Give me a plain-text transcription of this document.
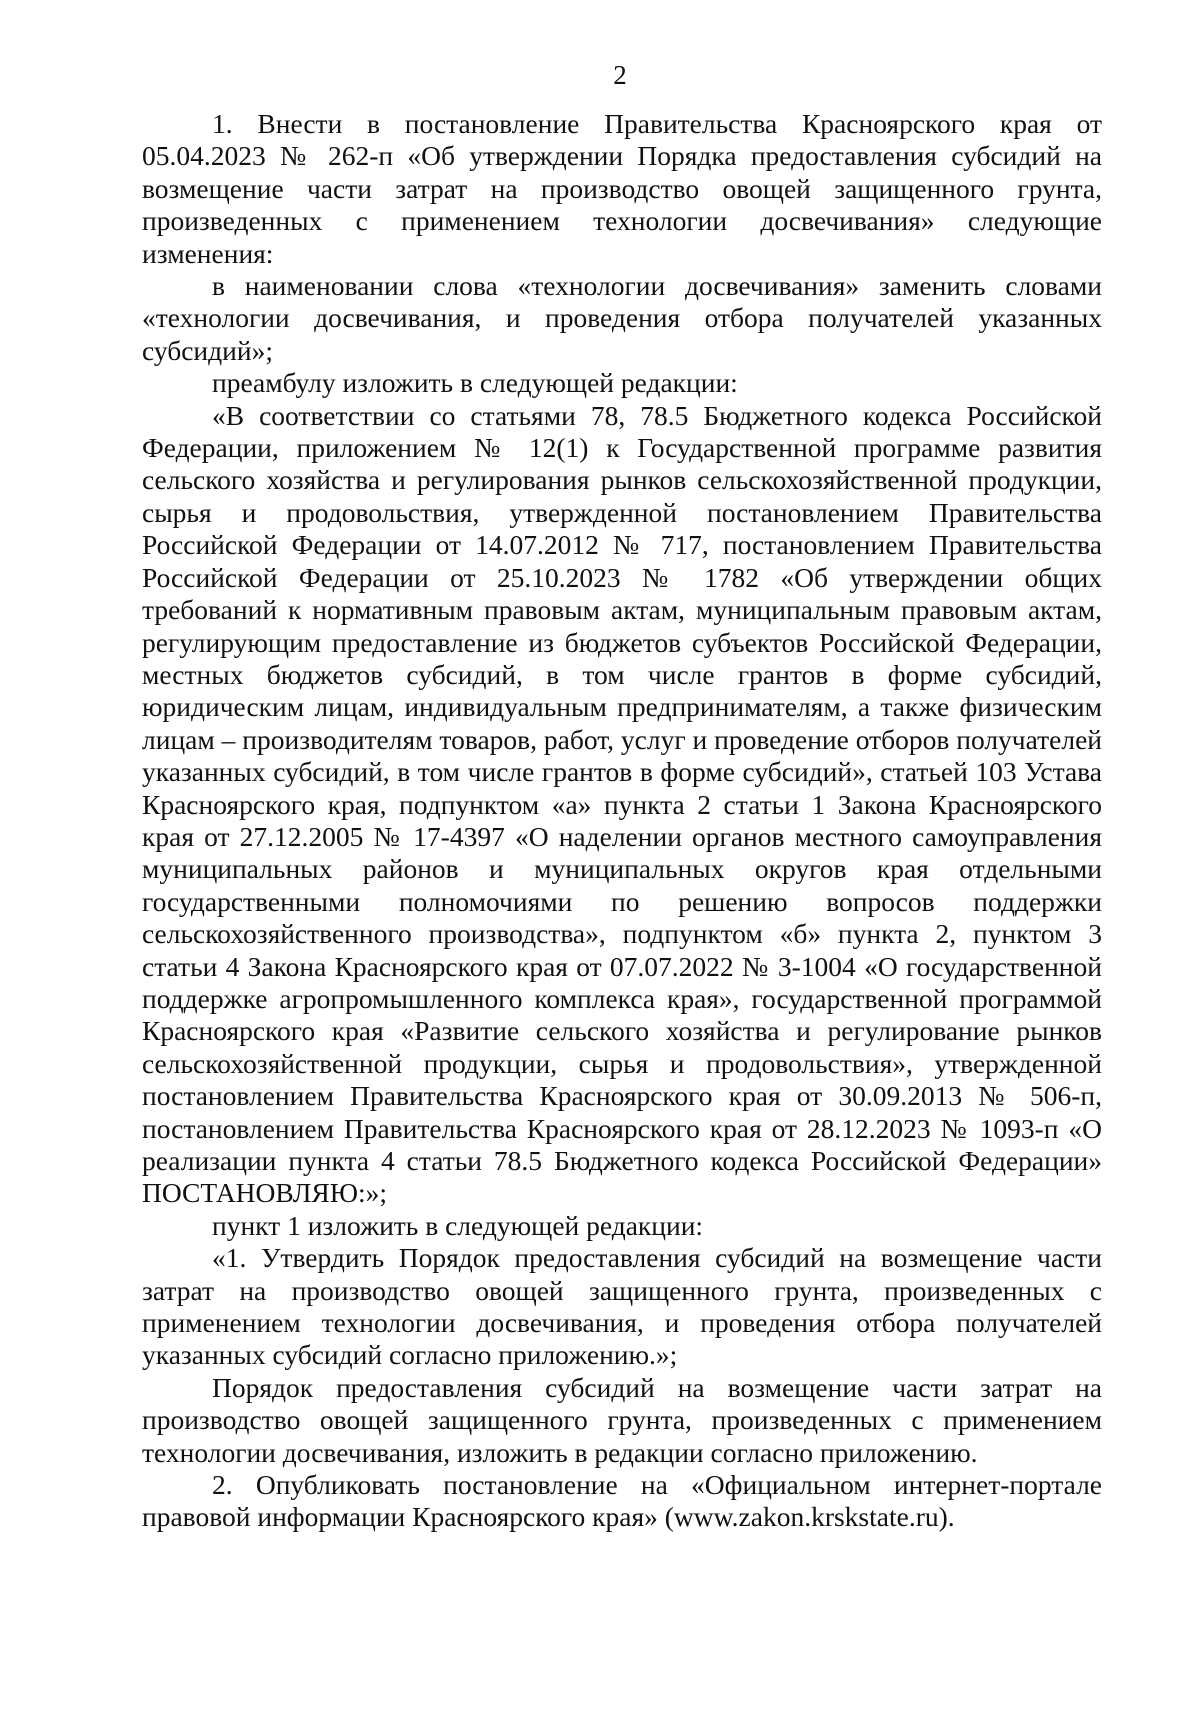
2

1. Внести в постановление Правительства Красноярского края от 05.04.2023 № 262-п «Об утверждении Порядка предоставления субсидий на возмещение части затрат на производство овощей защищенного грунта, произведенных с применением технологии досвечивания» следующие изменения:

в наименовании слова «технологии досвечивания» заменить словами «технологии досвечивания, и проведения отбора получателей указанных субсидий»;

преамбулу изложить в следующей редакции:

«В соответствии со статьями 78, 78.5 Бюджетного кодекса Российской Федерации, приложением № 12(1) к Государственной программе развития сельского хозяйства и регулирования рынков сельскохозяйственной продукции, сырья и продовольствия, утвержденной постановлением Правительства Российской Федерации от 14.07.2012 № 717, постановлением Правительства Российской Федерации от 25.10.2023 № 1782 «Об утверждении общих требований к нормативным правовым актам, муниципальным правовым актам, регулирующим предоставление из бюджетов субъектов Российской Федерации, местных бюджетов субсидий, в том числе грантов в форме субсидий, юридическим лицам, индивидуальным предпринимателям, а также физическим лицам – производителям товаров, работ, услуг и проведение отборов получателей указанных субсидий, в том числе грантов в форме субсидий», статьей 103 Устава Красноярского края, подпунктом «а» пункта 2 статьи 1 Закона Красноярского края от 27.12.2005 № 17-4397 «О наделении органов местного самоуправления муниципальных районов и муниципальных округов края отдельными государственными полномочиями по решению вопросов поддержки сельскохозяйственного производства», подпунктом «б» пункта 2, пунктом 3 статьи 4 Закона Красноярского края от 07.07.2022 № 3-1004 «О государственной поддержке агропромышленного комплекса края», государственной программой Красноярского края «Развитие сельского хозяйства и регулирование рынков сельскохозяйственной продукции, сырья и продовольствия», утвержденной постановлением Правительства Красноярского края от 30.09.2013 № 506-п, постановлением Правительства Красноярского края от 28.12.2023 № 1093-п «О реализации пункта 4 статьи 78.5 Бюджетного кодекса Российской Федерации» ПОСТАНОВЛЯЮ:»;

пункт 1 изложить в следующей редакции:

«1. Утвердить Порядок предоставления субсидий на возмещение части затрат на производство овощей защищенного грунта, произведенных с применением технологии досвечивания, и проведения отбора получателей указанных субсидий согласно приложению.»;

Порядок предоставления субсидий на возмещение части затрат на производство овощей защищенного грунта, произведенных с применением технологии досвечивания, изложить в редакции согласно приложению.

2. Опубликовать постановление на «Официальном интернет-портале правовой информации Красноярского края» (www.zakon.krskstate.ru).
